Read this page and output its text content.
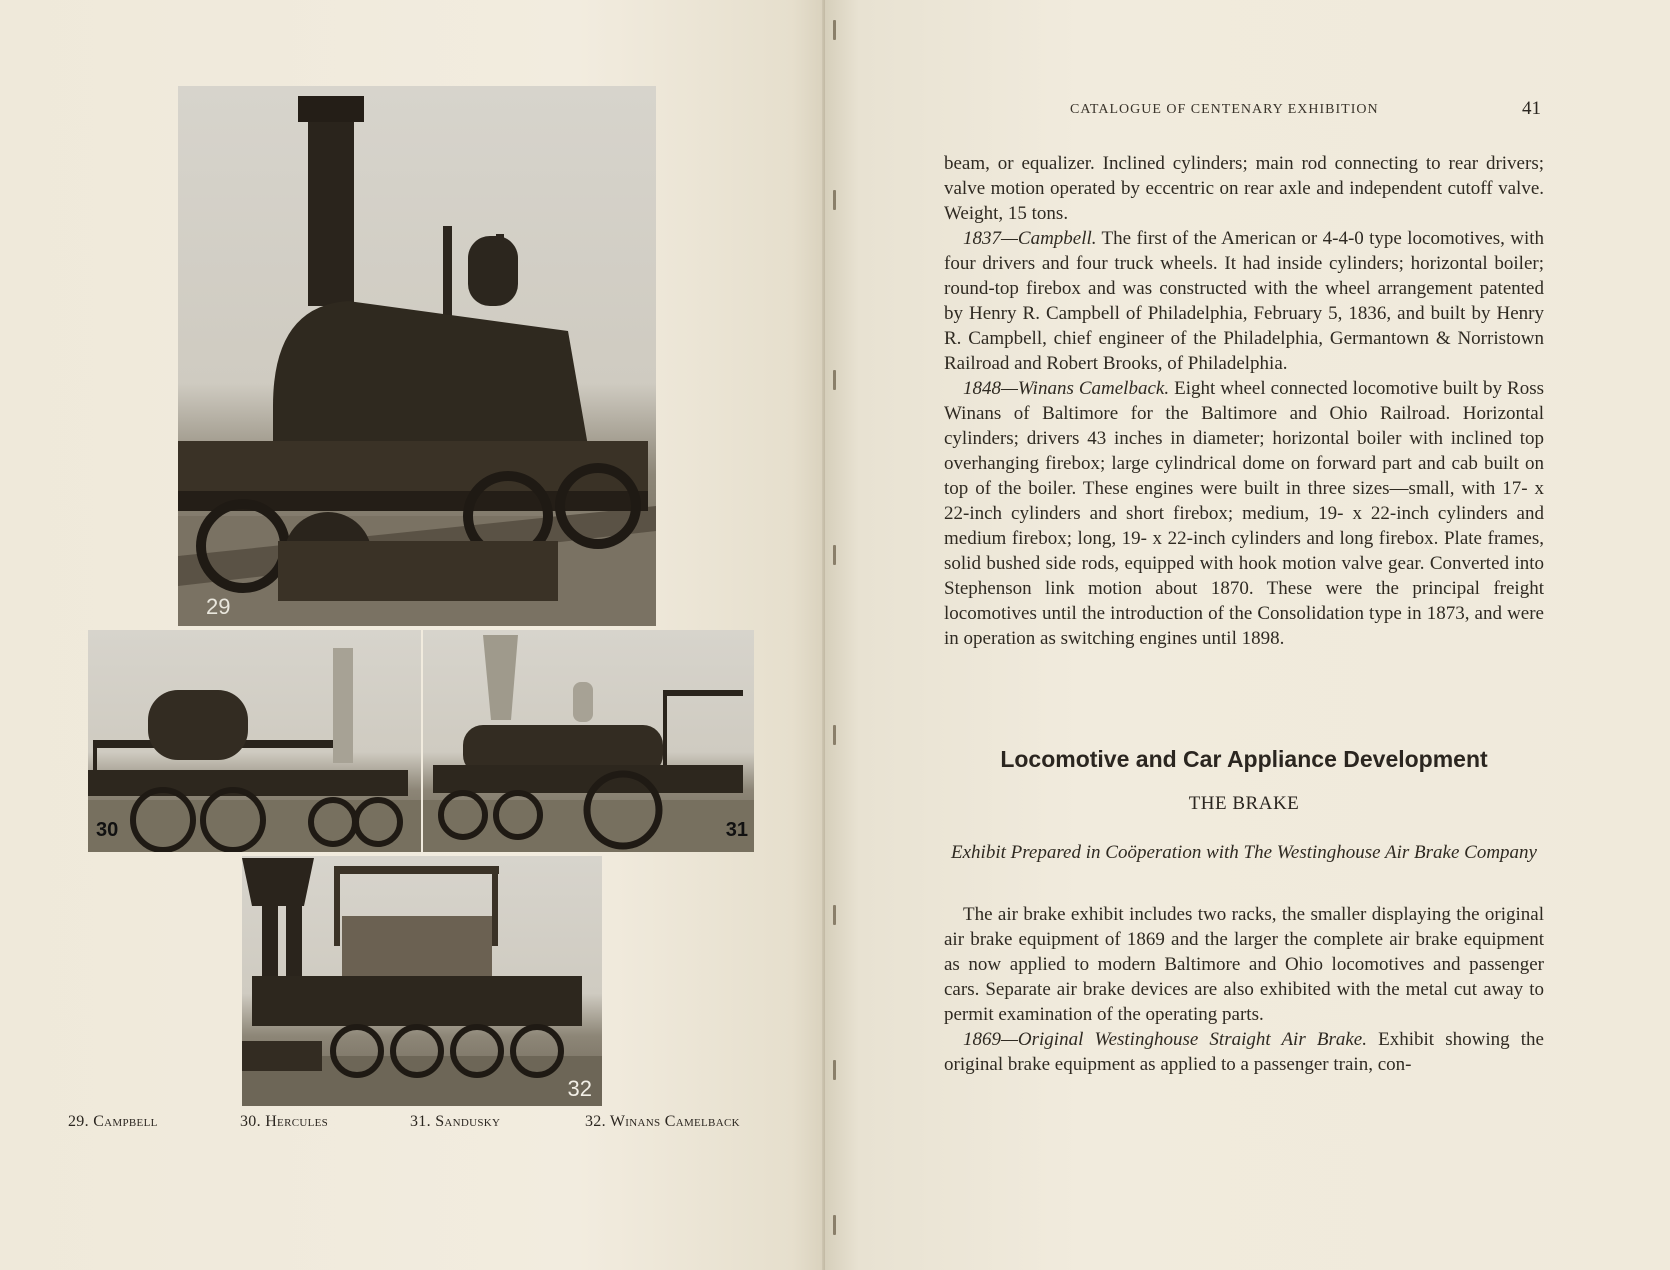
29
30	31
32
29. Campbell	30. Hercules	31. Sandusky	32. Winans Camelback
CATALOGUE OF CENTENARY EXHIBITION	41

beam, or equalizer. Inclined cylinders; main rod connecting to rear drivers; valve motion operated by eccentric on rear axle and independent cutoff valve. Weight, 15 tons.

1837—Campbell. The first of the American or 4-4-0 type locomotives, with four drivers and four truck wheels. It had inside cylinders; horizontal boiler; round-top firebox and was constructed with the wheel arrangement patented by Henry R. Campbell of Philadelphia, February 5, 1836, and built by Henry R. Campbell, chief engineer of the Philadelphia, Germantown & Norristown Railroad and Robert Brooks, of Philadelphia.

1848—Winans Camelback. Eight wheel connected locomotive built by Ross Winans of Baltimore for the Baltimore and Ohio Railroad. Horizontal cylinders; drivers 43 inches in diameter; horizontal boiler with inclined top overhanging firebox; large cylindrical dome on forward part and cab built on top of the boiler. These engines were built in three sizes—small, with 17- x 22-inch cylinders and short firebox; medium, 19- x 22-inch cylinders and medium firebox; long, 19- x 22-inch cylinders and long firebox. Plate frames, solid bushed side rods, equipped with hook motion valve gear. Converted into Stephenson link motion about 1870. These were the principal freight locomotives until the introduction of the Consolidation type in 1873, and were in operation as switching engines until 1898.

Locomotive and Car Appliance Development
THE BRAKE
Exhibit Prepared in Coöperation with The Westinghouse Air Brake Company

The air brake exhibit includes two racks, the smaller displaying the original air brake equipment of 1869 and the larger the complete air brake equipment as now applied to modern Baltimore and Ohio locomotives and passenger cars. Separate air brake devices are also exhibited with the metal cut away to permit examination of the operating parts.

1869—Original Westinghouse Straight Air Brake. Exhibit showing the original brake equipment as applied to a passenger train, con-
